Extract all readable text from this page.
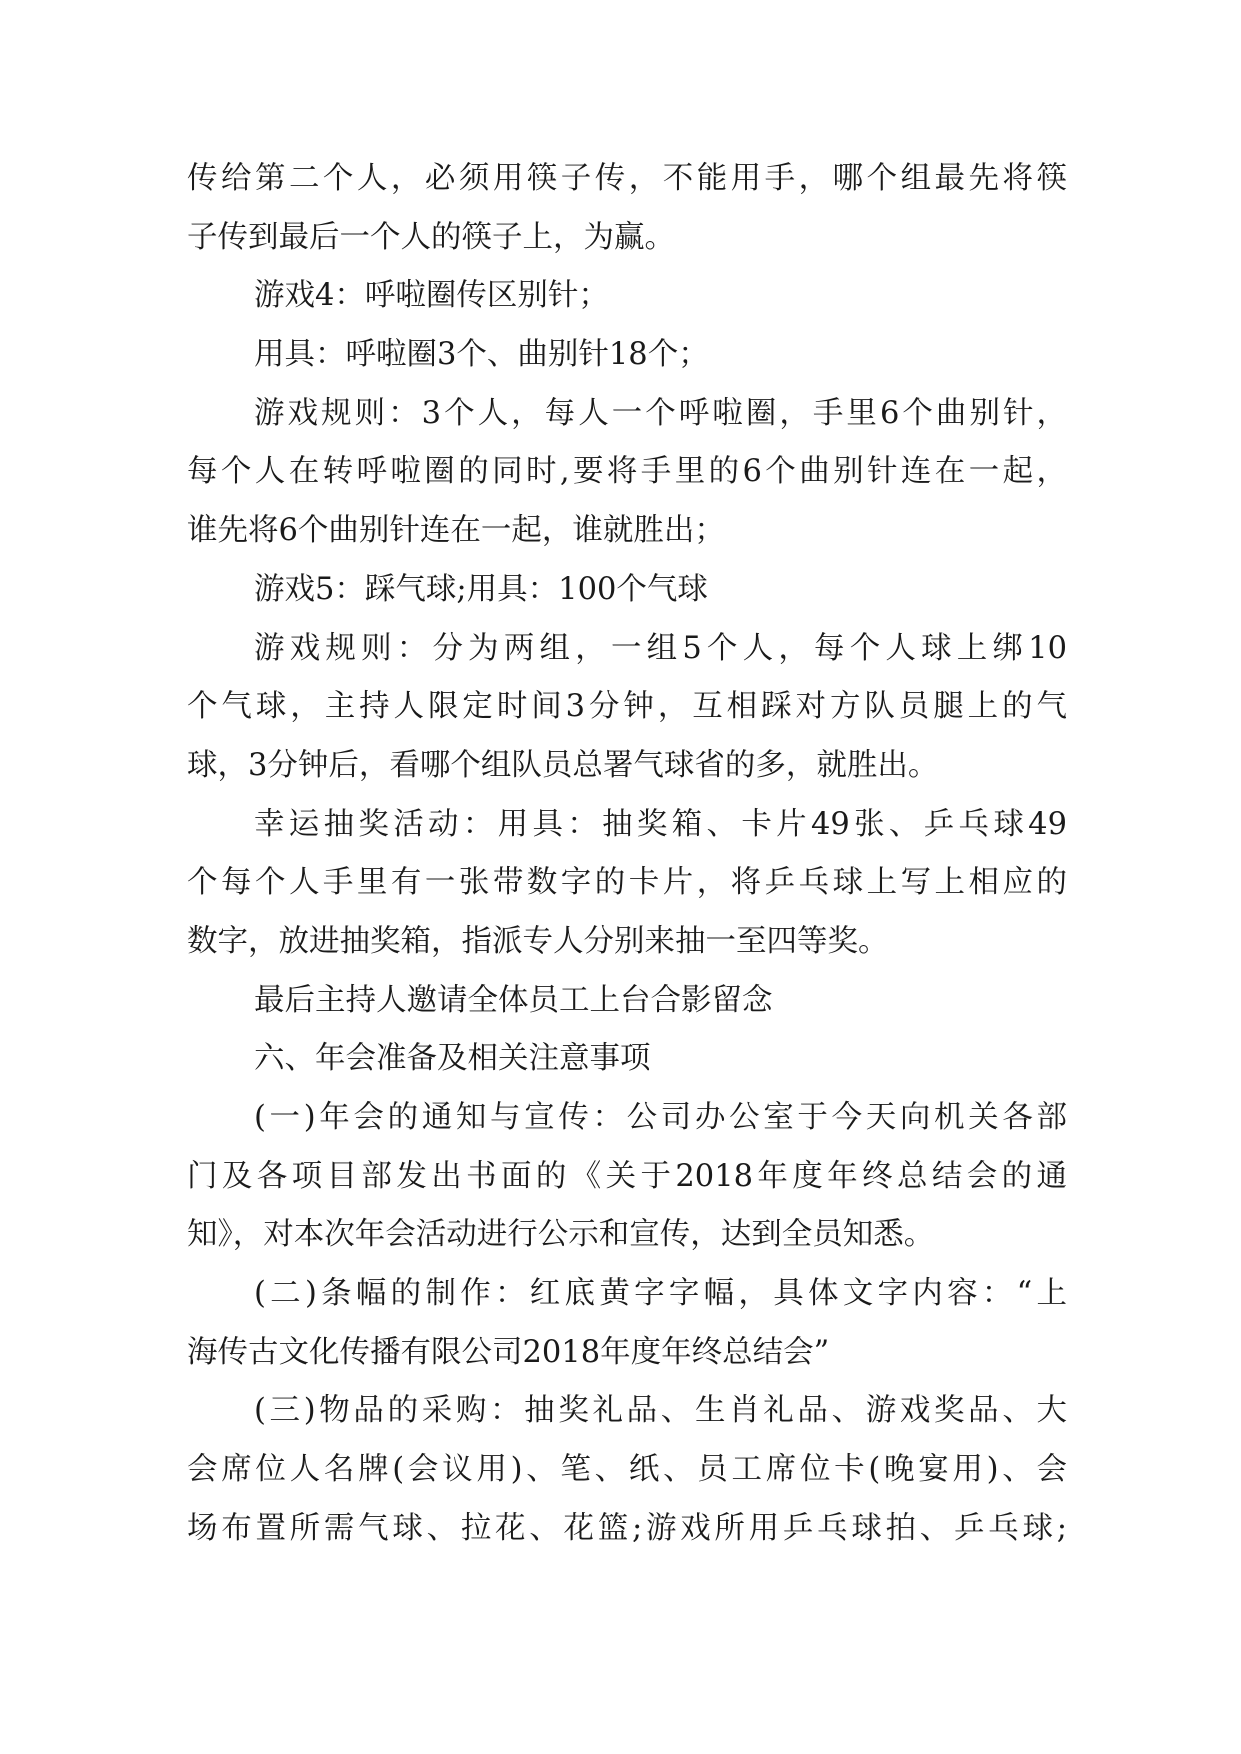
传给第二个人，必须用筷子传，不能用手，哪个组最先将筷
子传到最后一个人的筷子上，为赢。
游戏4：呼啦圈传区别针；
用具：呼啦圈3个、曲别针18个；
游戏规则：3个人，每人一个呼啦圈，手里6个曲别针，
每个人在转呼啦圈的同时,要将手里的6个曲别针连在一起，
谁先将6个曲别针连在一起，谁就胜出；
游戏5：踩气球;用具：100个气球
游戏规则：分为两组，一组5个人，每个人球上绑10
个气球，主持人限定时间3分钟，互相踩对方队员腿上的气
球，3分钟后，看哪个组队员总署气球省的多，就胜出。
幸运抽奖活动：用具：抽奖箱、卡片49张、乒乓球49
个每个人手里有一张带数字的卡片，将乒乓球上写上相应的
数字，放进抽奖箱，指派专人分别来抽一至四等奖。
最后主持人邀请全体员工上台合影留念
六、年会准备及相关注意事项
(一)年会的通知与宣传：公司办公室于今天向机关各部
门及各项目部发出书面的《关于2018年度年终总结会的通
知》，对本次年会活动进行公示和宣传，达到全员知悉。
(二)条幅的制作：红底黄字字幅，具体文字内容：“上
海传古文化传播有限公司2018年度年终总结会”
(三)物品的采购：抽奖礼品、生肖礼品、游戏奖品、大
会席位人名牌(会议用)、笔、纸、员工席位卡(晚宴用)、会
场布置所需气球、拉花、花篮;游戏所用乒乓球拍、乒乓球;
